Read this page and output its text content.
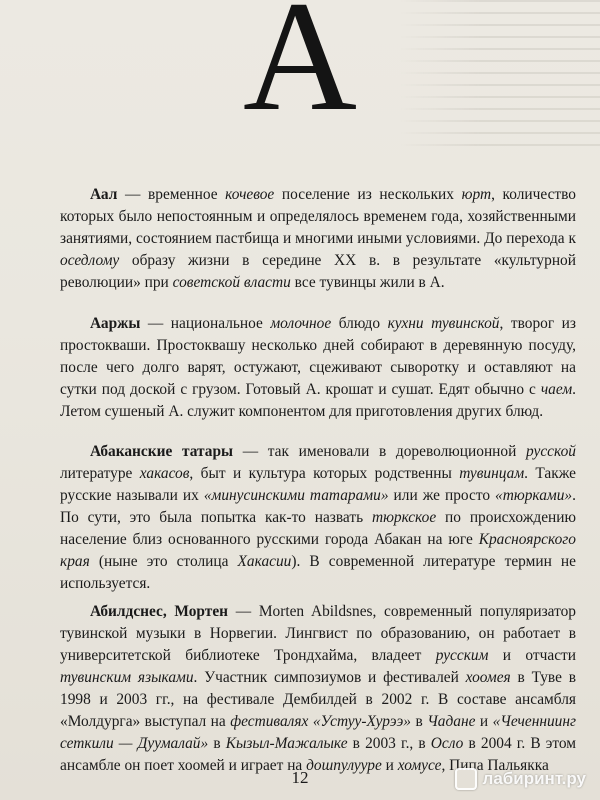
А

Аал — временное кочевое поселение из нескольких юрт, количество которых было непостоянным и определялось временем года, хозяйственными занятиями, состоянием пастбища и многими иными условиями. До перехода к оседлому образу жизни в середине XX в. в результате «культурной революции» при советской власти все тувинцы жили в А.

Ааржы — национальное молочное блюдо кухни тувинской, творог из простокваши. Простоквашу несколько дней собирают в деревянную посуду, после чего долго варят, остужают, сцеживают сыворотку и оставляют на сутки под доской с грузом. Готовый А. крошат и сушат. Едят обычно с чаем. Летом сушеный А. служит компонентом для приготовления других блюд.

Абаканские татары — так именовали в дореволюционной русской литературе хакасов, быт и культура которых родственны тувинцам. Также русские называли их «минусинскими татарами» или же просто «тюрками». По сути, это была попытка как-то назвать тюркское по происхождению население близ основанного русскими города Абакан на юге Красноярского края (ныне это столица Хакасии). В современной литературе термин не используется.

Абилдснес, Мортен — Morten Abildsnes, современный популяризатор тувинской музыки в Норвегии. Лингвист по образованию, он работает в университетской библиотеке Трондхайма, владеет русским и отчасти тувинским языками. Участник симпозиумов и фестивалей хоомея в Туве в 1998 и 2003 гг., на фестивале Дембилдей в 2002 г. В составе ансамбля «Молдурга» выступал на фестивалях «Устуу-Хурээ» в Чадане и «Чеченниинг сеткили — Дуумалай» в Кызыл-Мажалыке в 2003 г., в Осло в 2004 г. В этом ансамбле он поет хоомей и играет на дошпулууре и хомусе, Пипа Пальякка

12	лабиринт.ру
